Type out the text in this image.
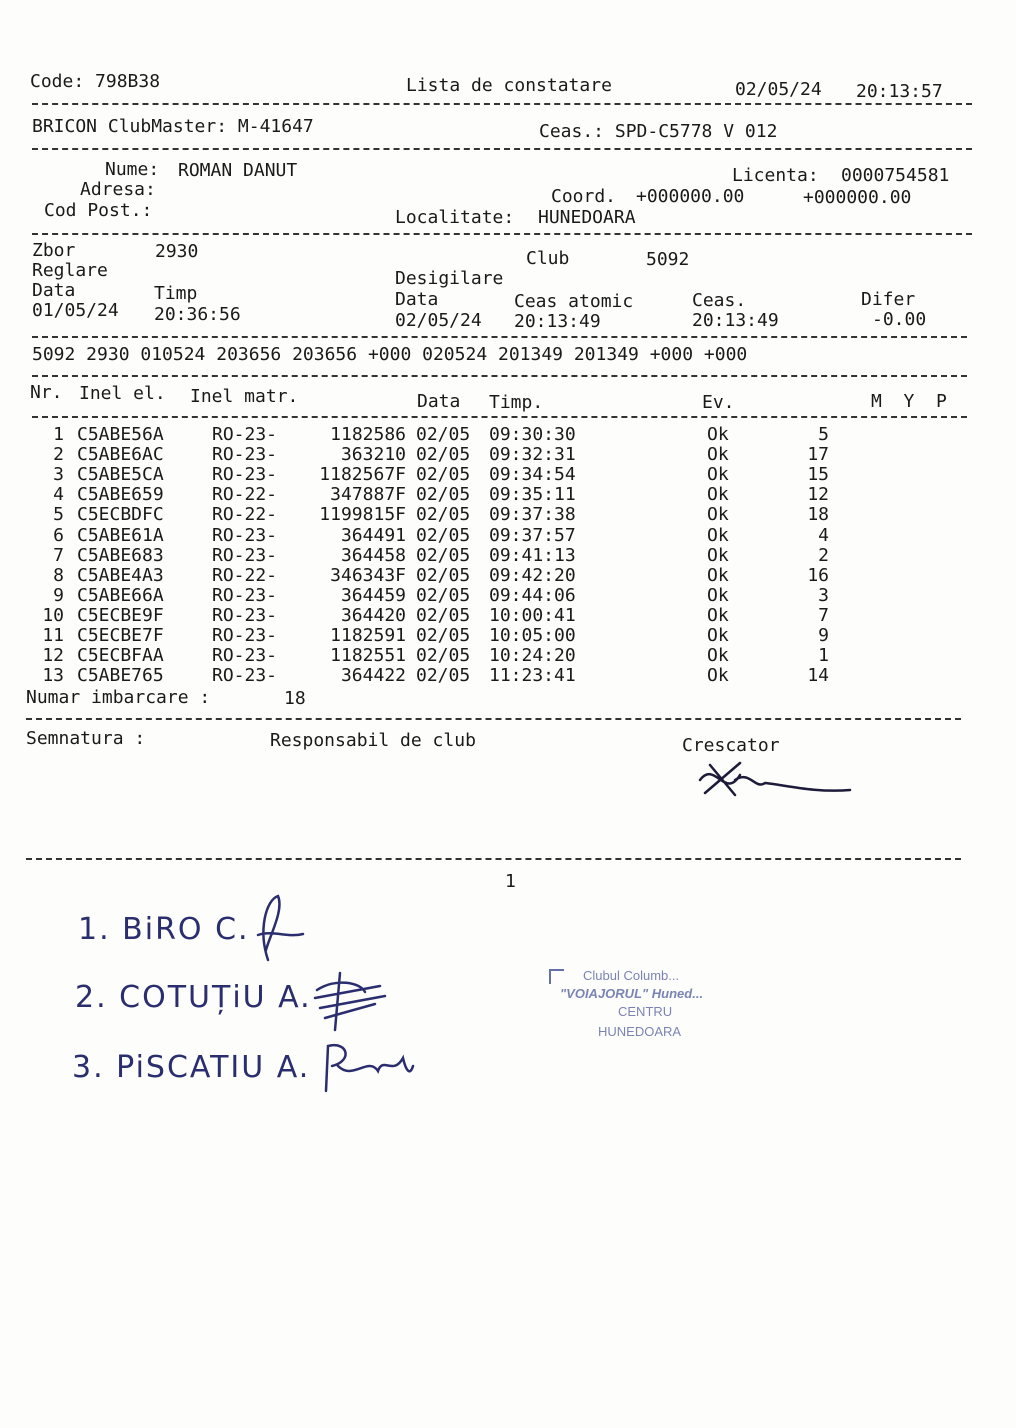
Code: 798B38	Lista de constatare	02/05/24 20:13:57
BRICON ClubMaster: M-41647	Ceas.: SPD-C5778 V 012
Nume: ROMAN DANUT
Adresa:
Cod Post.:
Licenta: 0000754581
Coord. +000000.00	+000000.00
Localitate: HUNEDOARA
Zbor	2930	Club	5092
Reglare	Desigilare
Data	Timp	Data	Ceas atomic	Ceas.	Difer
01/05/24 20:36:56	02/05/24 20:13:49	20:13:49	-0.00
5092 2930 010524 203656 203656 +000 020524 201349 201349 +000 +000
Nr. Inel el. Inel matr.	Data Timp.	Ev.	M  Y  P
1 C5ABE56A	RO-23-	1182586 02/05 09:30:30	Ok	5
2 C5ABE6AC	RO-23-	363210 02/05 09:32:31	Ok	17
3 C5ABE5CA	RO-23-	1182567F 02/05 09:34:54	Ok	15
4 C5ABE659	RO-22-	347887F 02/05 09:35:11	Ok	12
5 C5ECBDFC	RO-22-	1199815F 02/05 09:37:38	Ok	18
6 C5ABE61A	RO-23-	364491 02/05 09:37:57	Ok	4
7 C5ABE683	RO-23-	364458 02/05 09:41:13	Ok	2
8 C5ABE4A3	RO-22-	346343F 02/05 09:42:20	Ok	16
9 C5ABE66A	RO-23-	364459 02/05 09:44:06	Ok	3
10 C5ECBE9F	RO-23-	364420 02/05 10:00:41	Ok	7
11 C5ECBE7F	RO-23-	1182591 02/05 10:05:00	Ok	9
12 C5ECBFAA	RO-23-	1182551 02/05 10:24:20	Ok	1
13 C5ABE765	RO-23-	364422 02/05 11:23:41	Ok	14
Numar imbarcare :	18
Semnatura :	Responsabil de club	Crescator
1
1. BiRO C.
2. COTUȚiU A.
3. PiSCATIU A.
Clubul Columb...
"VOIAJORUL" Huned...
CENTRU
HUNEDOARA
